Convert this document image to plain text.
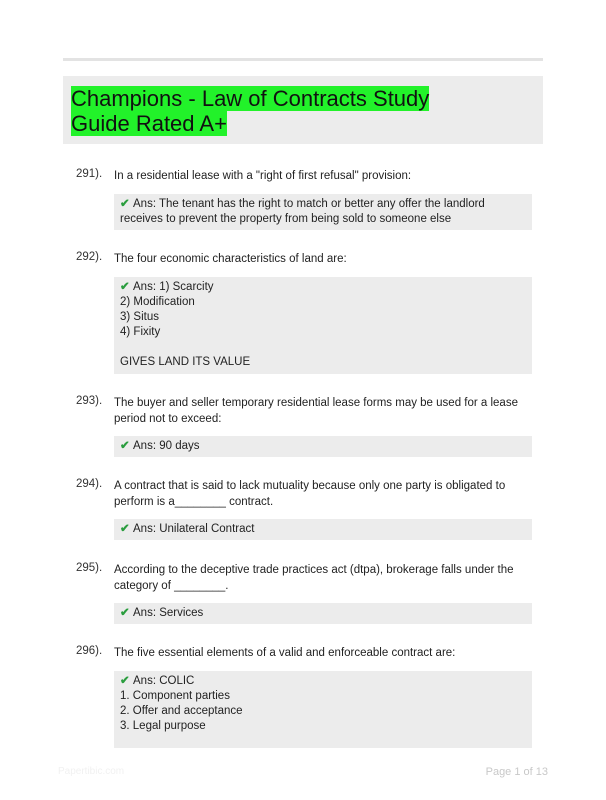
Champions - Law of Contracts Study Guide Rated A+
291). In a residential lease with a "right of first refusal" provision:
✔ Ans: The tenant has the right to match or better any offer the landlord receives to prevent the property from being sold to someone else
292). The four economic characteristics of land are:
✔ Ans: 1) Scarcity
2) Modification
3) Situs
4) Fixity
GIVES LAND ITS VALUE
293). The buyer and seller temporary residential lease forms may be used for a lease period not to exceed:
✔ Ans: 90 days
294). A contract that is said to lack mutuality because only one party is obligated to perform is a________ contract.
✔ Ans: Unilateral Contract
295). According to the deceptive trade practices act (dtpa), brokerage falls under the category of ________.
✔ Ans: Services
296). The five essential elements of a valid and enforceable contract are:
✔ Ans: COLIC
1. Component parties
2. Offer and acceptance
3. Legal purpose
Papertibic.com	Page 1 of 13
